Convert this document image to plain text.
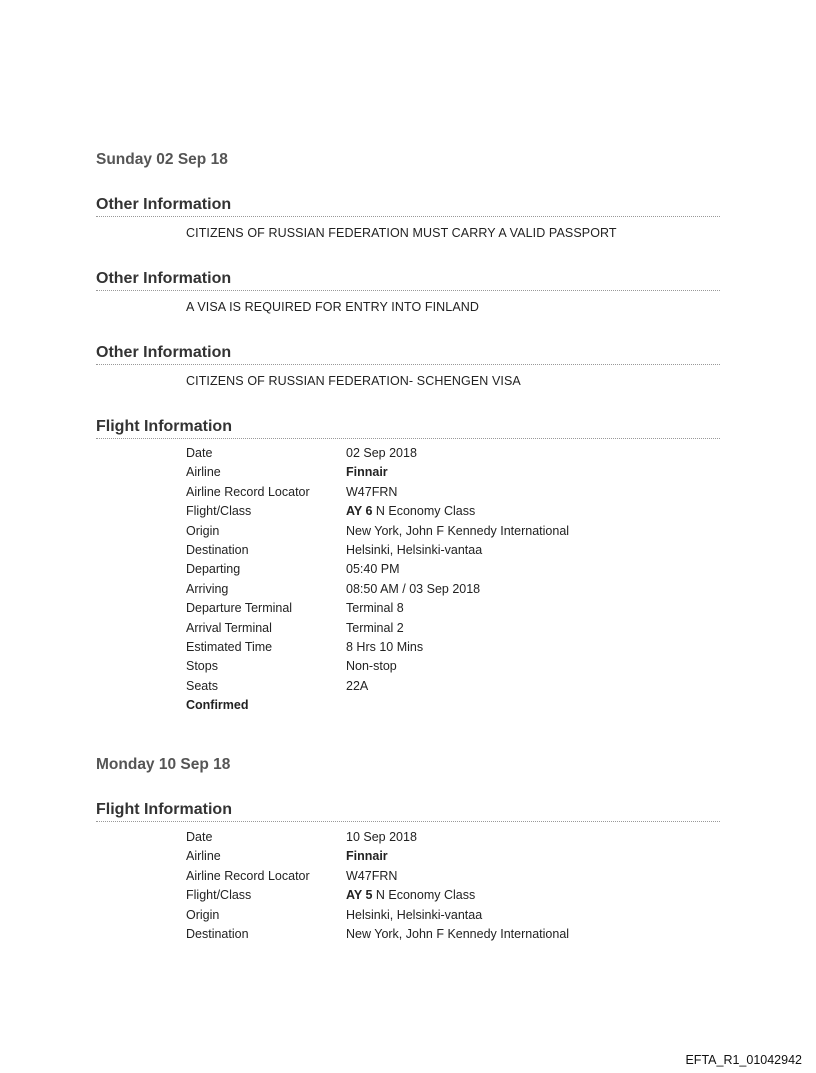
Sunday 02 Sep 18
Other Information
CITIZENS OF RUSSIAN FEDERATION MUST CARRY A VALID PASSPORT
Other Information
A VISA IS REQUIRED FOR ENTRY INTO FINLAND
Other Information
CITIZENS OF RUSSIAN FEDERATION- SCHENGEN VISA
Flight Information
Date	02 Sep 2018
Airline	Finnair
Airline Record Locator	W47FRN
Flight/Class	AY 6 N Economy Class
Origin	New York, John F Kennedy International
Destination	Helsinki, Helsinki-vantaa
Departing	05:40 PM
Arriving	08:50 AM / 03 Sep 2018
Departure Terminal	Terminal 8
Arrival Terminal	Terminal 2
Estimated Time	8 Hrs 10 Mins
Stops	Non-stop
Seats	22A
Confirmed
Monday 10 Sep 18
Flight Information
Date	10 Sep 2018
Airline	Finnair
Airline Record Locator	W47FRN
Flight/Class	AY 5 N Economy Class
Origin	Helsinki, Helsinki-vantaa
Destination	New York, John F Kennedy International
EFTA_R1_01042942
